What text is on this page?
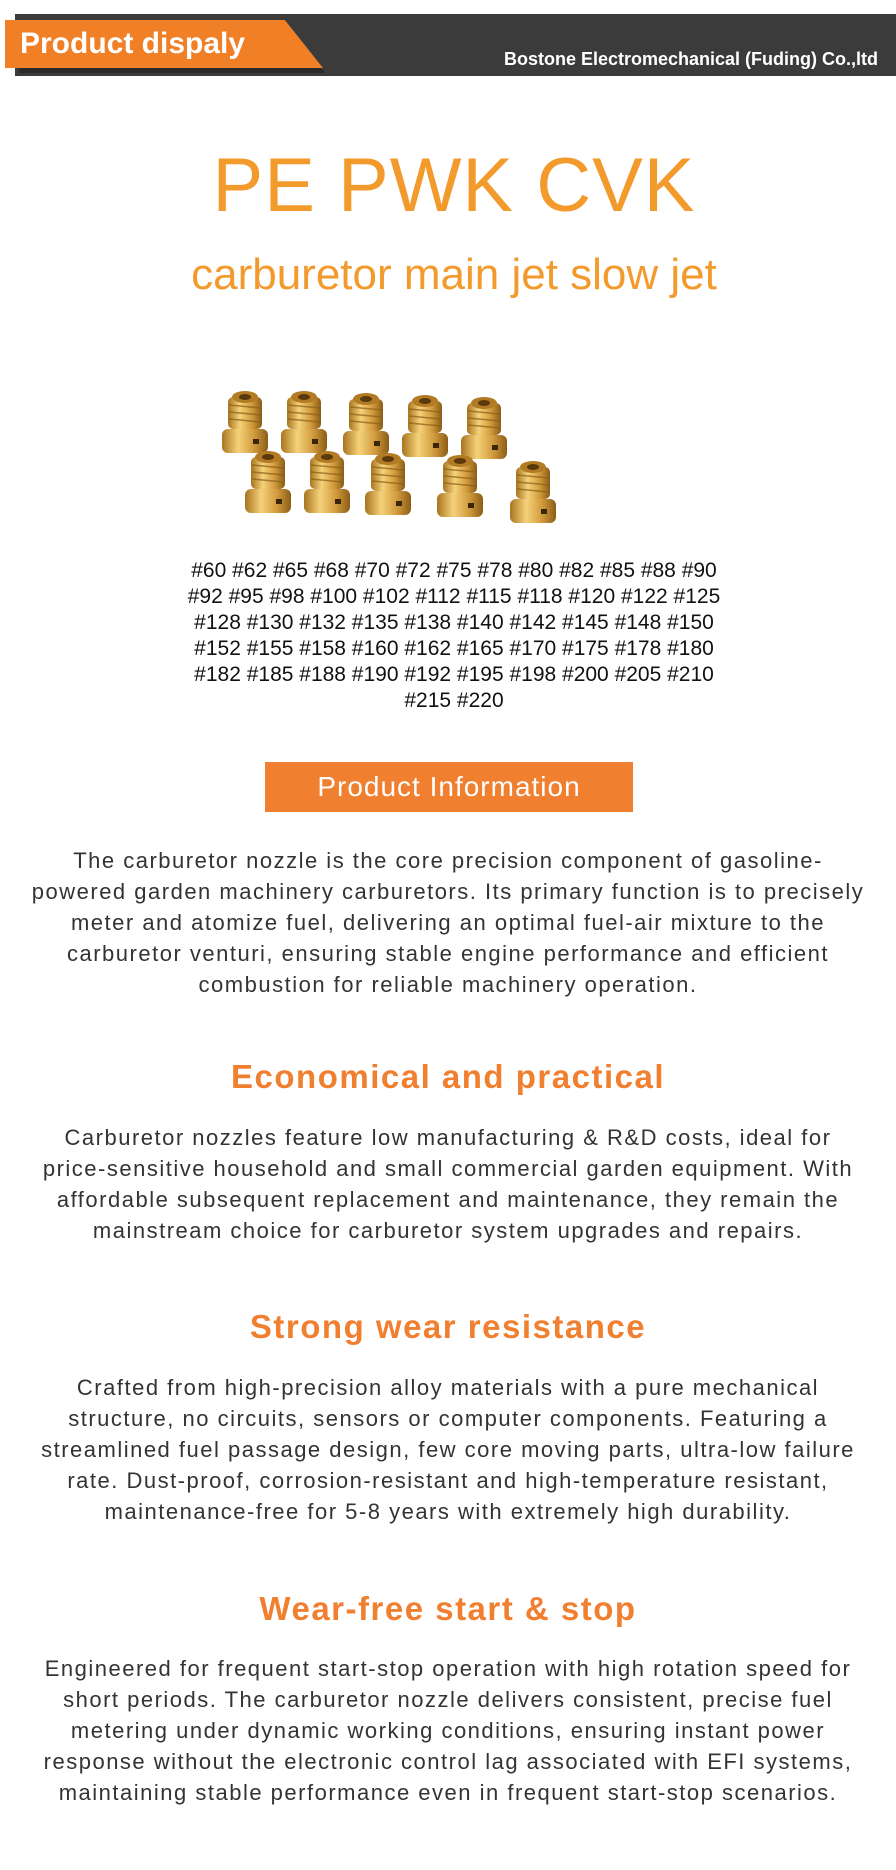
Bostone Electromechanical (Fuding) Co.,ltd
Product dispaly
PE PWK CVK
carburetor main jet slow jet
#60 #62 #65 #68 #70 #72 #75 #78 #80 #82 #85 #88 #90
#92 #95 #98 #100 #102 #112 #115 #118 #120 #122 #125
#128 #130 #132 #135 #138 #140 #142 #145 #148 #150
#152 #155 #158 #160 #162 #165 #170 #175 #178 #180
#182 #185 #188 #190 #192 #195 #198 #200 #205 #210
#215 #220
Product Information
The carburetor nozzle is the core precision component of gasoline-powered garden machinery carburetors. Its primary function is to precisely meter and atomize fuel, delivering an optimal fuel-air mixture to the carburetor venturi, ensuring stable engine performance and efficient combustion for reliable machinery operation.
Economical and practical
Carburetor nozzles feature low manufacturing & R&D costs, ideal for price-sensitive household and small commercial garden equipment. With affordable subsequent replacement and maintenance, they remain the mainstream choice for carburetor system upgrades and repairs.
Strong wear resistance
Crafted from high-precision alloy materials with a pure mechanical structure, no circuits, sensors or computer components. Featuring a streamlined fuel passage design, few core moving parts, ultra-low failure rate. Dust-proof, corrosion-resistant and high-temperature resistant, maintenance-free for 5-8 years with extremely high durability.
Wear-free start & stop
Engineered for frequent start-stop operation with high rotation speed for short periods. The carburetor nozzle delivers consistent, precise fuel metering under dynamic working conditions, ensuring instant power response without the electronic control lag associated with EFI systems, maintaining stable performance even in frequent start-stop scenarios.
